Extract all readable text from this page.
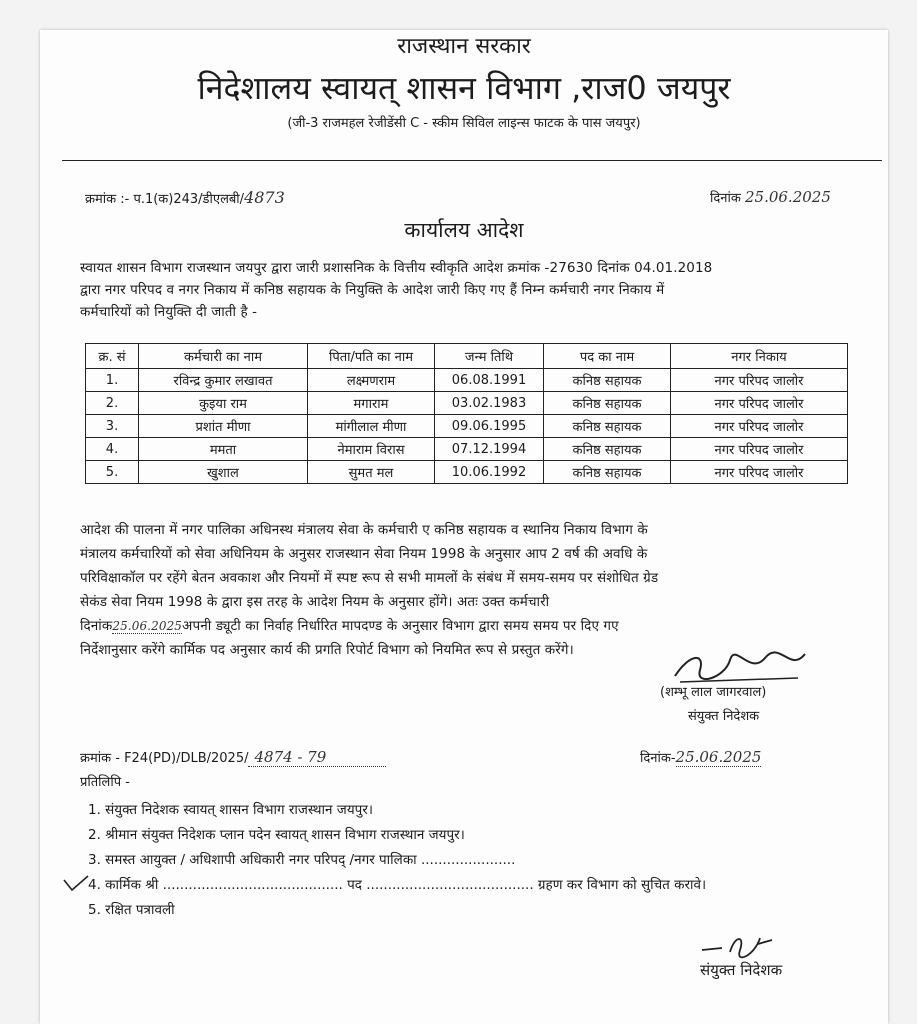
राजस्थान सरकार
निदेशालय स्वायत् शासन विभाग ,राज0 जयपुर
(जी-3 राजमहल रेजीडेंसी C - स्कीम सिविल लाइन्स फाटक के पास जयपुर)
क्रमांक :- प.1(क)243/डीएलबी/4873	दिनांक 25.06.2025
कार्यालय आदेश
स्वायत शासन विभाग राजस्थान जयपुर द्वारा जारी प्रशासनिक के वित्तीय स्वीकृति आदेश क्रमांक -27630 दिनांक 04.01.2018
द्वारा नगर परिपद व नगर निकाय में कनिष्ठ सहायक के नियुक्ति के आदेश जारी किए गए हैं निम्न कर्मचारी नगर निकाय में
कर्मचारियों को नियुक्ति दी जाती है -
क्र. सं	कर्मचारी का नाम	पिता/पति का नाम	जन्म तिथि	पद का नाम	नगर निकाय
1.	रविन्द्र कुमार लखावत	लक्ष्मणराम	06.08.1991	कनिष्ठ सहायक	नगर परिपद जालोर
2.	कुइया राम	मगाराम	03.02.1983	कनिष्ठ सहायक	नगर परिपद जालोर
3.	प्रशांत मीणा	मांगीलाल मीणा	09.06.1995	कनिष्ठ सहायक	नगर परिपद जालोर
4.	ममता	नेमाराम विरास	07.12.1994	कनिष्ठ सहायक	नगर परिपद जालोर
5.	खुशाल	सुमत मल	10.06.1992	कनिष्ठ सहायक	नगर परिपद जालोर
आदेश की पालना में नगर पालिका अधिनस्थ मंत्रालय सेवा के कर्मचारी ए कनिष्ठ सहायक व स्थानिय निकाय विभाग के
मंत्रालय कर्मचारियों को सेवा अधिनियम के अनुसर राजस्थान सेवा नियम 1998 के अनुसार आप 2 वर्ष की अवधि के
परिविक्षाकॉल पर रहेंगे बेतन अवकाश और नियमों में स्पष्ट रूप से सभी मामलों के संबंध में समय-समय पर संशोधित ग्रेड
सेकंड सेवा नियम 1998 के द्वारा इस तरह के आदेश नियम के अनुसार होंगे। अतः उक्त कर्मचारी
दिनांक25.06.2025अपनी ड्यूटी का निर्वाह निर्धारित मापदण्ड के अनुसार विभाग द्वारा समय समय पर दिए गए
निर्देशानुसार करेंगे कार्मिक पद अनुसार कार्य की प्रगति रिपोर्ट विभाग को नियमित रूप से प्रस्तुत करेंगे।
(शम्भू लाल जागरवाल)
संयुक्त निदेशक
क्रमांक - F24(PD)/DLB/2025/ 4874 - 79	दिनांक-25.06.2025
प्रतिलिपि -
1. संयुक्त निदेशक स्वायत् शासन विभाग राजस्थान जयपुर।
2. श्रीमान संयुक्त निदेशक प्लान पदेन स्वायत् शासन विभाग राजस्थान जयपुर।
3. समस्त आयुक्त / अधिशापी अधिकारी नगर परिपद् /नगर पालिका ......................
4. कार्मिक श्री .......................................... पद ....................................... ग्रहण कर विभाग को सुचित करावे।
5. रक्षित पत्रावली
संयुक्त निदेशक
